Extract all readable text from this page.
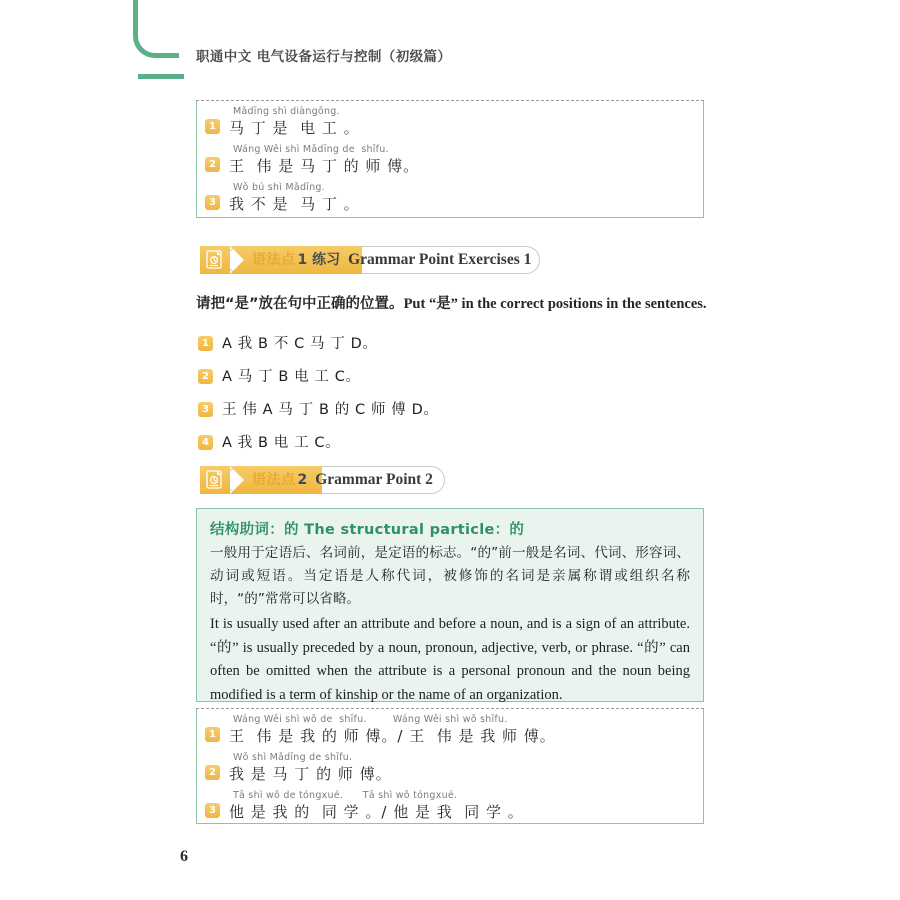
职通中文 电气设备运行与控制（初级篇）
1
Mǎdīng shì diàngōng.
马 丁 是  电 工 。
2
Wáng Wěi shì Mǎdīng de  shīfu.
王  伟 是 马 丁 的 师 傅。
3
Wǒ bú shì Mǎdīng.
我 不 是  马 丁 。
语法点 1 练习 Grammar Point Exercises 1
请把“是”放在句中正确的位置。Put “是” in the correct positions in the sentences.
1 A 我 B 不 C 马 丁 D。
2 A 马 丁 B 电 工 C。
3 王 伟 A 马 丁 B 的 C 师 傅 D。
4 A 我 B 电 工 C。
语法点 2 Grammar Point 2
结构助词：的 The structural particle：的
一般用于定语后、名词前，是定语的标志。“的”前一般是名词、代词、形容词、动词或短语。当定语是人称代词，被修饰的名词是亲属称谓或组织名称时，“的”常常可以省略。
It is usually used after an attribute and before a noun, and is a sign of an attribute. “的” is usually preceded by a noun, pronoun, adjective, verb, or phrase. “的” can often be omitted when the attribute is a personal pronoun and the noun being modified is a term of kinship or the name of an organization.
1
Wáng Wěi shì wǒ de  shīfu.        Wáng Wěi shì wǒ shīfu.
王  伟 是 我 的 师 傅。/ 王  伟 是 我 师 傅。
2
Wǒ shì Mǎdīng de shīfu.
我 是 马 丁 的 师 傅。
3
Tā shì wǒ de tóngxué.      Tā shì wǒ tóngxué.
他 是 我 的  同 学 。/ 他 是 我  同 学 。
6
